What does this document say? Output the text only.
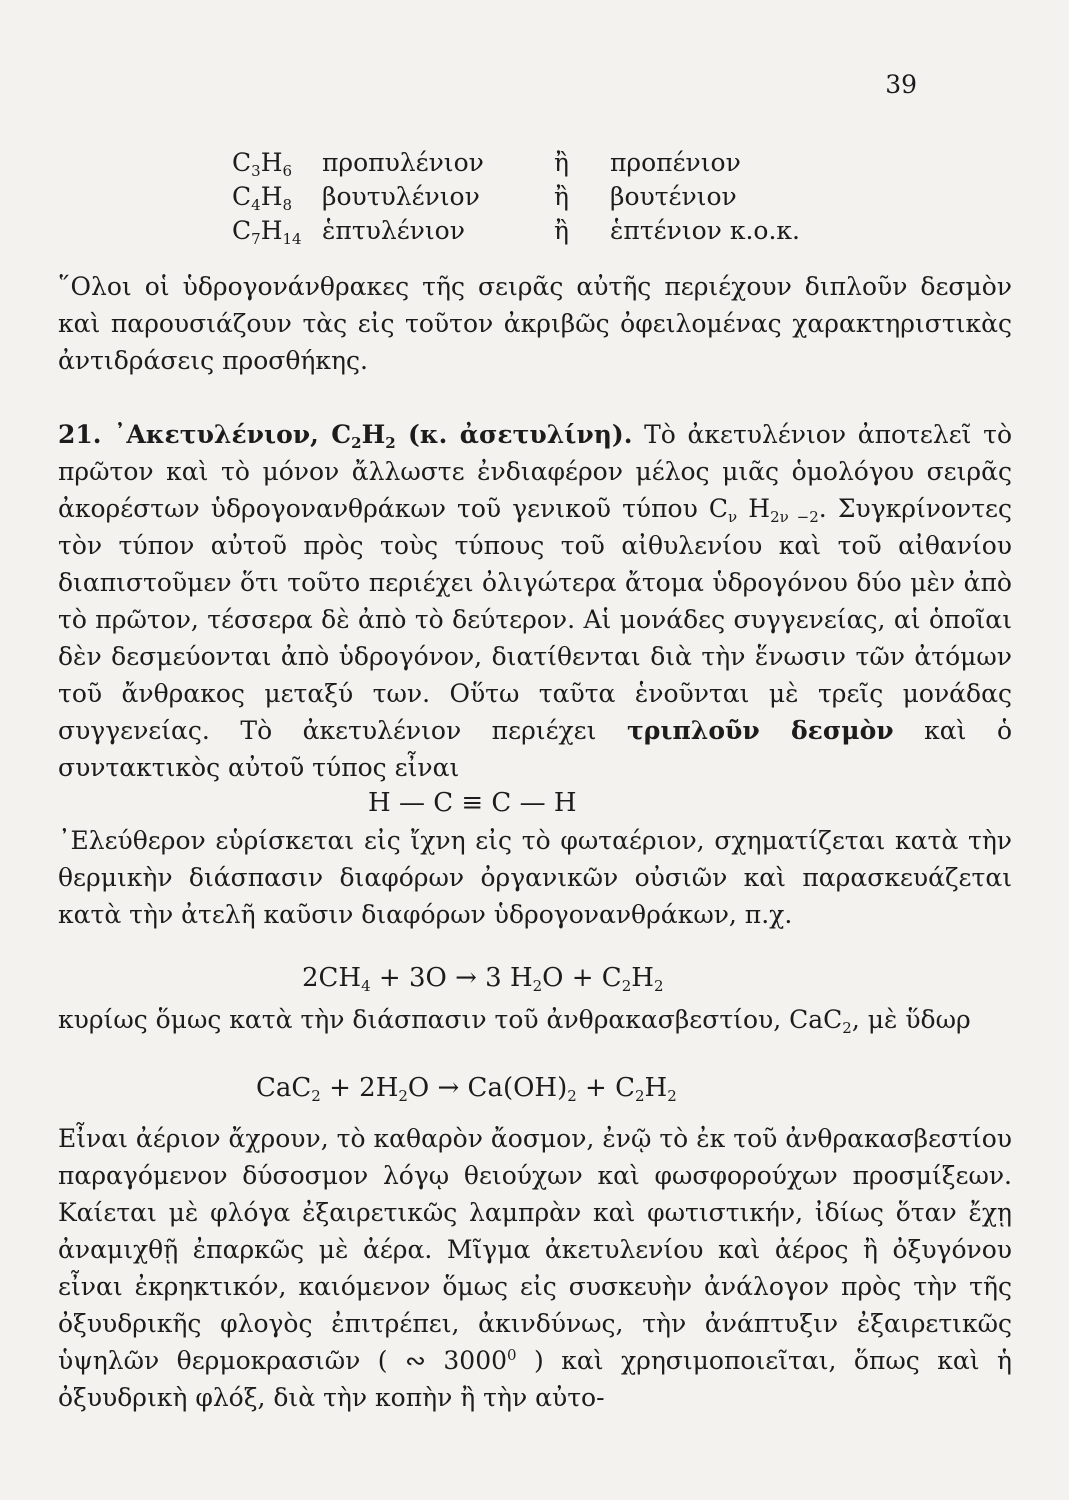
39
$C_3H_6$	προπυλένιον	ἢ	προπένιον
$C_4H_8$	βουτυλένιον	ἢ	βουτένιον
$C_7H_{14}$ ἑπτυλένιον	ἢ	ἑπτένιον κ.ο.κ.

῞Ολοι οἱ ὑδρογονάνθρακες τῆς σειρᾶς αὐτῆς περιέχουν διπλοῦν δεσμὸν καὶ παρουσιάζουν τὰς εἰς τοῦτον ἀκριβῶς ὀφειλομένας χαρακτηριστικὰς ἀντιδράσεις προσθήκης.

21. ᾿Ακετυλένιον, $C_2H_2$ (κ. ἀσετυλίνη). Τὸ ἀκετυλένιον ἀποτελεῖ τὸ πρῶτον καὶ τὸ μόνον ἄλλωστε ἐνδιαφέρον μέλος μιᾶς ὁμολόγου σειρᾶς ἀκορέστων ὑδρογονανθράκων τοῦ γενικοῦ τύπου $C_\nu$ $H_{2\nu -2}$. Συγκρίνοντες τὸν τύπον αὐτοῦ πρὸς τοὺς τύπους τοῦ αἰθυλενίου καὶ τοῦ αἰθανίου διαπιστοῦμεν ὅτι τοῦτο περιέχει ὀλιγώτερα ἄτομα ὑδρογόνου δύο μὲν ἀπὸ τὸ πρῶτον, τέσσερα δὲ ἀπὸ τὸ δεύτερον. Αἱ μονάδες συγγενείας, αἱ ὁποῖαι δὲν δεσμεύονται ἀπὸ ὑδρογόνον, διατίθενται διὰ τὴν ἕνωσιν τῶν ἀτόμων τοῦ ἄνθρακος μεταξύ των. Οὕτω ταῦτα ἑνοῦνται μὲ τρεῖς μονάδας συγγενείας. Τὸ ἀκετυλένιον περιέχει τριπλοῦν δεσμὸν καὶ ὁ συντακτικὸς αὐτοῦ τύπος εἶναι

H — C ≡ C — H

᾿Ελεύθερον εὑρίσκεται εἰς ἴχνη εἰς τὸ φωταέριον, σχηματίζεται κατὰ τὴν θερμικὴν διάσπασιν διαφόρων ὀργανικῶν οὐσιῶν καὶ παρασκευάζεται κατὰ τὴν ἀτελῆ καῦσιν διαφόρων ὑδρογονανθράκων, π.χ.

$2CH_4 + 3O \to 3$ $H_2O + C_2H_2$

κυρίως ὅμως κατὰ τὴν διάσπασιν τοῦ ἀνθρακασβεστίου, CaC$_2$, μὲ ὕδωρ

$CaC_2 + 2H_2O \to Ca(OH)_2 + C_2H_2$

Εἶναι ἀέριον ἄχρουν, τὸ καθαρὸν ἄοσμον, ἐνῷ τὸ ἐκ τοῦ ἀνθρακασβεστίου παραγόμενον δύσοσμον λόγῳ θειούχων καὶ φωσφορούχων προσμίξεων. Καίεται μὲ φλόγα ἐξαιρετικῶς λαμπρὰν καὶ φωτιστικήν, ἰδίως ὅταν ἔχῃ ἀναμιχθῇ ἐπαρκῶς μὲ ἀέρα. Μῖγμα ἀκετυλενίου καὶ ἀέρος ἢ ὀξυγόνου εἶναι ἐκρηκτικόν, καιόμενον ὅμως εἰς συσκευὴν ἀνάλογον πρὸς τὴν τῆς ὀξυυδρικῆς φλογὸς ἐπιτρέπει, ἀκινδύνως, τὴν ἀνάπτυξιν ἐξαιρετικῶς ὑψηλῶν θερμοκρασιῶν ( ∾ 3000$^0$ ) καὶ χρησιμοποιεῖται, ὅπως καὶ ἡ ὀξυυδρικὴ φλόξ, διὰ τὴν κοπὴν ἢ τὴν αὐτο-
